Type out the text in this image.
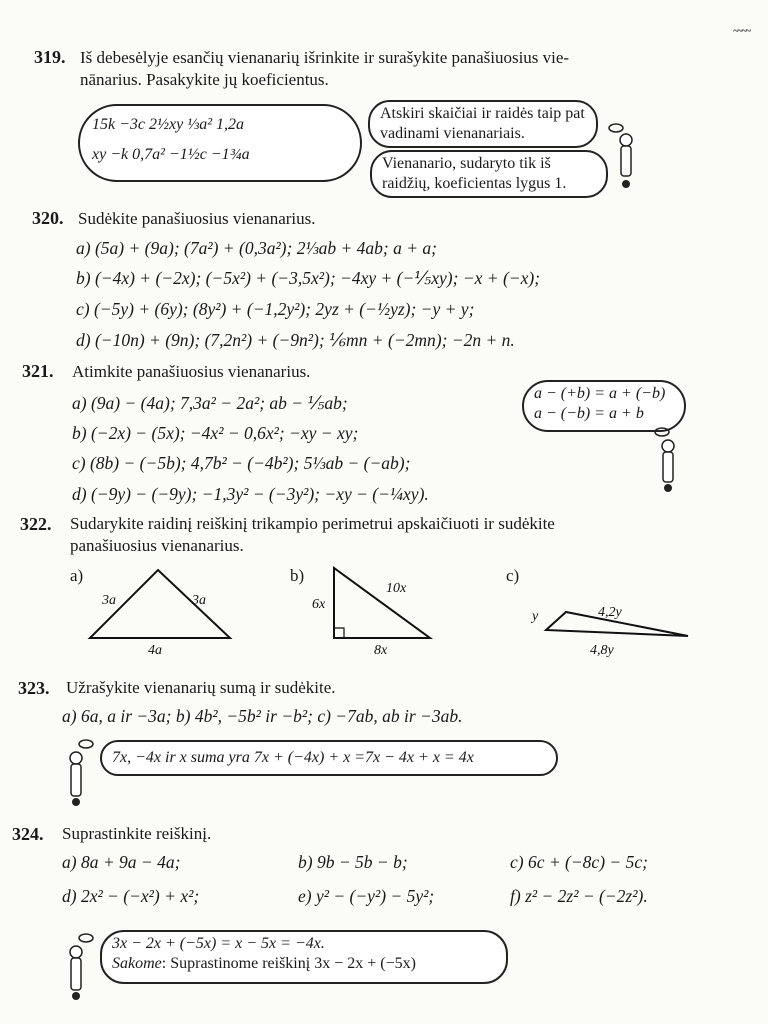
~~~~
319. Iš debesėlyje esančių vienanarių išrinkite ir surašykite panašiuosius vie-
nānarius. Pasakykite jų koeficientus.
15k −3c 2½xy ⅓a² 1,2a
xy −k 0,7a² −1½c −1¾a
Atskiri skaičiai ir raidės taip pat vadinami vienanariais.
Vienanario, sudaryto tik iš raidžių, koeficientas lygus 1.
320. Sudėkite panašiuosius vienanarius.
a) (5a) + (9a); (7a²) + (0,3a²); 2⅓ab + 4ab; a + a;
b) (−4x) + (−2x); (−5x²) + (−3,5x²); −4xy + (−⅕xy); −x + (−x);
c) (−5y) + (6y); (8y²) + (−1,2y²); 2yz + (−½yz); −y + y;
d) (−10n) + (9n); (7,2n²) + (−9n²); ⅙mn + (−2mn); −2n + n.
321. Atimkite panašiuosius vienanarius.
a) (9a) − (4a); 7,3a² − 2a²; ab − ⅕ab;
b) (−2x) − (5x); −4x² − 0,6x²; −xy − xy;
c) (8b) − (−5b); 4,7b² − (−4b²); 5⅓ab − (−ab);
d) (−9y) − (−9y); −1,3y² − (−3y²); −xy − (−¼xy).
a − (+b) = a + (−b)
a − (−b) = a + b
322. Sudarykite raidinį reiškinį trikampio perimetrui apskaičiuoti ir sudėkite
panašiuosius vienanarius.
a)
3a	3a
4a
b)
6x
10x
8x
c)
y	4,2y
4,8y
323. Užrašykite vienanarių sumą ir sudėkite.
a) 6a, a ir −3a; b) 4b², −5b² ir −b²; c) −7ab, ab ir −3ab.
7x, −4x ir x suma yra 7x + (−4x) + x =7x − 4x + x = 4x
324. Suprastinkite reiškinį.
a) 8a + 9a − 4a;	b) 9b − 5b − b;	c) 6c + (−8c) − 5c;
d) 2x² − (−x²) + x²;	e) y² − (−y²) − 5y²;	f) z² − 2z² − (−2z²).
3x − 2x + (−5x) = x − 5x = −4x.
Sakome: Suprastinome reiškinį 3x − 2x + (−5x)
